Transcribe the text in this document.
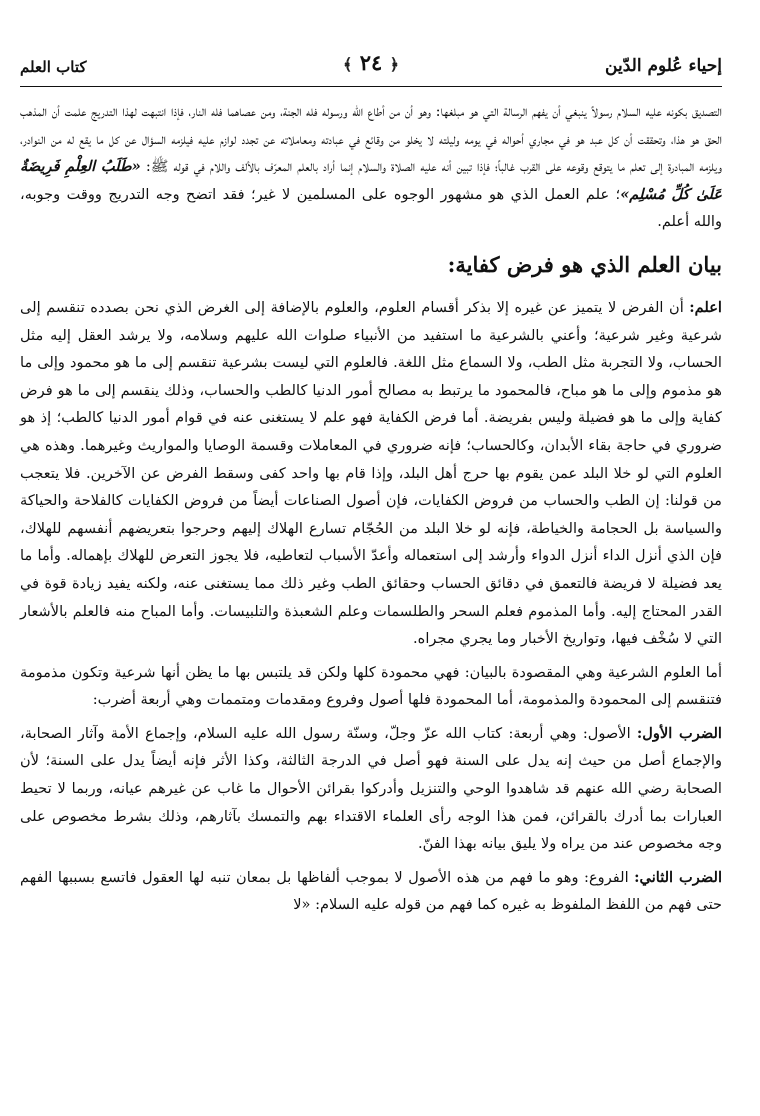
إحياء عُلوم الدّين
﴿ ٢٤ ﴾
كتاب العلم

التصديق بكونه عليه السلام رسولاً ينبغي أن يفهم الرسالة التي هو مبلغها: وهو أن من أطاع الله ورسوله فله الجنة، ومن عصاهما فله النار، فإذا انتبهت لهذا التدريج علمت أن المذهب الحق هو هذا، وتحققت أن كل عبد هو في مجاري أحواله في يومه وليلته لا يخلو من وقائع في عبادته ومعاملاته عن تجدد لوازم عليه فيلزمه السؤال عن كل ما يقع له من النوادر، ويلزمه المبادرة إلى تعلم ما يتوقع وقوعه على القرب غالباً؛ فإذا تبين أنه عليه الصلاة والسلام إنما أراد بالعلم المعرّف بالألف واللام في قوله ﷺ: «طَلَبُ العِلْمِ فَرِيضَةٌ عَلَىٰ كُلِّ مُسْلِم»؛ علم العمل الذي هو مشهور الوجوه على المسلمين لا غير؛ فقد اتضح وجه التدريج ووقت وجوبه، والله أعلم.

بيان العلم الذي هو فرض كفاية:

اعلم: أن الفرض لا يتميز عن غيره إلا بذكر أقسام العلوم، والعلوم بالإضافة إلى الغرض الذي نحن بصدده تنقسم إلى شرعية وغير شرعية؛ وأعني بالشرعية ما استفيد من الأنبياء صلوات الله عليهم وسلامه، ولا يرشد العقل إليه مثل الحساب، ولا التجربة مثل الطب، ولا السماع مثل اللغة. فالعلوم التي ليست بشرعية تنقسم إلى ما هو محمود وإلى ما هو مذموم وإلى ما هو مباح، فالمحمود ما يرتبط به مصالح أمور الدنيا كالطب والحساب، وذلك ينقسم إلى ما هو فرض كفاية وإلى ما هو فضيلة وليس بفريضة. أما فرض الكفاية فهو علم لا يستغنى عنه في قوام أمور الدنيا كالطب؛ إذ هو ضروري في حاجة بقاء الأبدان، وكالحساب؛ فإنه ضروري في المعاملات وقسمة الوصايا والمواريث وغيرهما. وهذه هي العلوم التي لو خلا البلد عمن يقوم بها حرج أهل البلد، وإذا قام بها واحد كفى وسقط الفرض عن الآخرين. فلا يتعجب من قولنا: إن الطب والحساب من فروض الكفايات، فإن أصول الصناعات أيضاً من فروض الكفايات كالفلاحة والحياكة والسياسة بل الحجامة والخياطة، فإنه لو خلا البلد من الحُجّام تسارع الهلاك إليهم وحرجوا بتعريضهم أنفسهم للهلاك، فإن الذي أنزل الداء أنزل الدواء وأرشد إلى استعماله وأعدّ الأسباب لتعاطيه، فلا يجوز التعرض للهلاك بإهماله. وأما ما يعد فضيلة لا فريضة فالتعمق في دقائق الحساب وحقائق الطب وغير ذلك مما يستغنى عنه، ولكنه يفيد زيادة قوة في القدر المحتاج إليه. وأما المذموم فعلم السحر والطلسمات وعلم الشعبذة والتلبيسات. وأما المباح منه فالعلم بالأشعار التي لا سُخْف فيها، وتواريخ الأخبار وما يجري مجراه.

أما العلوم الشرعية وهي المقصودة بالبيان: فهي محمودة كلها ولكن قد يلتبس بها ما يظن أنها شرعية وتكون مذمومة فتنقسم إلى المحمودة والمذمومة، أما المحمودة فلها أصول وفروع ومقدمات ومتممات وهي أربعة أضرب:

الضرب الأول: الأصول: وهي أربعة: كتاب الله عزّ وجلّ، وسنّة رسول الله عليه السلام، وإجماع الأمة وآثار الصحابة، والإجماع أصل من حيث إنه يدل على السنة فهو أصل في الدرجة الثالثة، وكذا الأثر فإنه أيضاً يدل على السنة؛ لأن الصحابة رضي الله عنهم قد شاهدوا الوحي والتنزيل وأدركوا بقرائن الأحوال ما غاب عن غيرهم عيانه، وربما لا تحيط العبارات بما أدرك بالقرائن، فمن هذا الوجه رأى العلماء الاقتداء بهم والتمسك بآثارهم، وذلك بشرط مخصوص على وجه مخصوص عند من يراه ولا يليق بيانه بهذا الفنّ.

الضرب الثاني: الفروع: وهو ما فهم من هذه الأصول لا بموجب ألفاظها بل بمعان تنبه لها العقول فاتسع بسببها الفهم حتى فهم من اللفظ الملفوظ به غيره كما فهم من قوله عليه السلام: «لا
